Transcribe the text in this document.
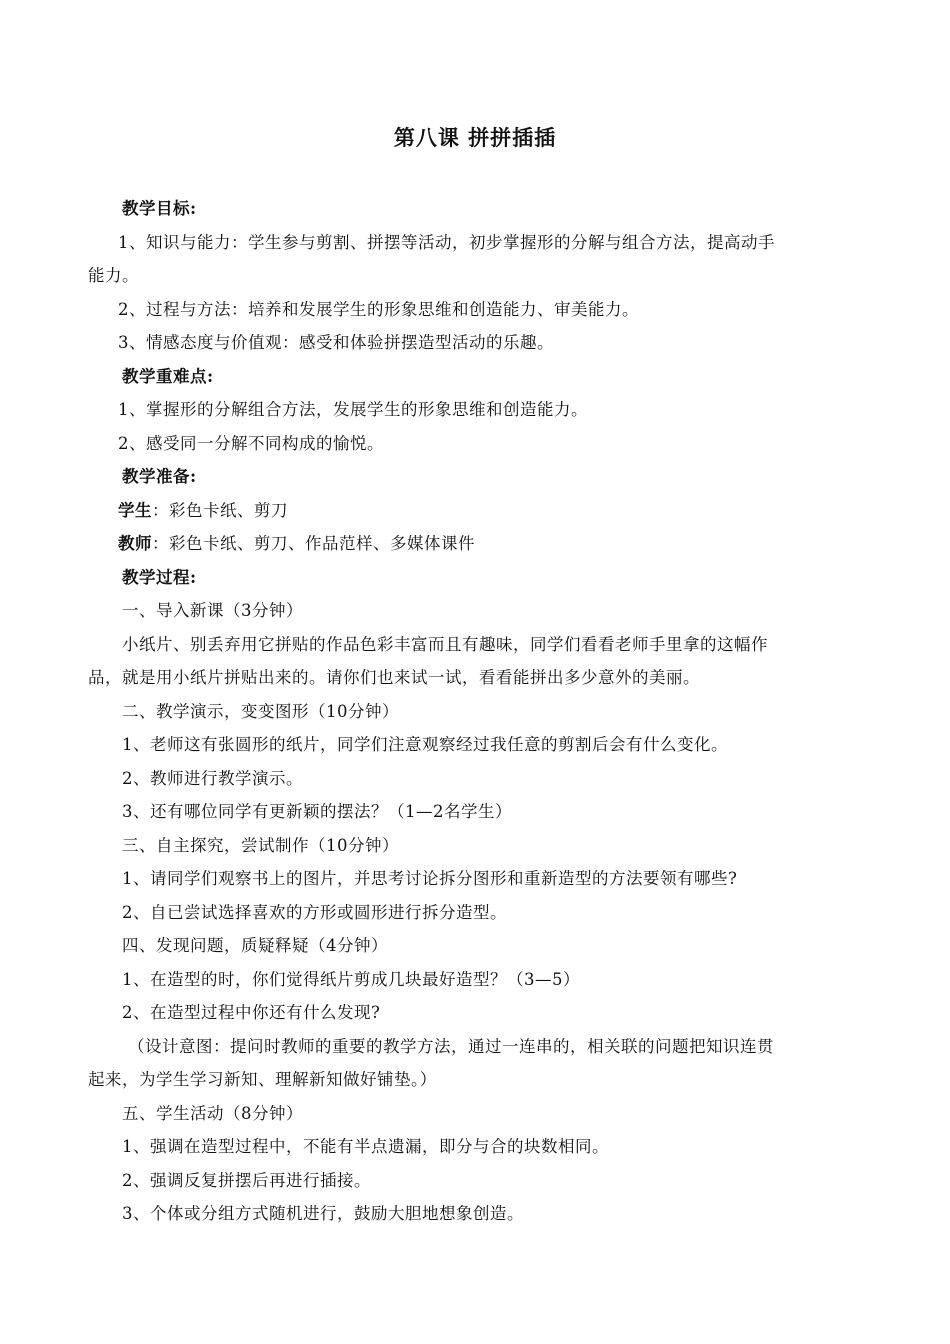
第八课 拼拼插插
教学目标:
1、知识与能力：学生参与剪割、拼摆等活动，初步掌握形的分解与组合方法，提高动手
能力。
2、过程与方法：培养和发展学生的形象思维和创造能力、审美能力。
3、情感态度与价值观：感受和体验拼摆造型活动的乐趣。
教学重难点:
1、掌握形的分解组合方法，发展学生的形象思维和创造能力。
2、感受同一分解不同构成的愉悦。
教学准备:
学生：彩色卡纸、剪刀
教师：彩色卡纸、剪刀、作品范样、多媒体课件
教学过程:
一、导入新课（3分钟）
小纸片、别丢弃用它拼贴的作品色彩丰富而且有趣味，同学们看看老师手里拿的这幅作
品，就是用小纸片拼贴出来的。请你们也来试一试，看看能拼出多少意外的美丽。
二、教学演示，变变图形（10分钟）
1、老师这有张圆形的纸片，同学们注意观察经过我任意的剪割后会有什么变化。
2、教师进行教学演示。
3、还有哪位同学有更新颖的摆法？（1—2名学生）
三、自主探究，尝试制作（10分钟）
1、请同学们观察书上的图片，并思考讨论拆分图形和重新造型的方法要领有哪些?
2、自已尝试选择喜欢的方形或圆形进行拆分造型。
四、发现问题，质疑释疑（4分钟）
1、在造型的时，你们觉得纸片剪成几块最好造型？（3—5）
2、在造型过程中你还有什么发现?
（设计意图：提问时教师的重要的教学方法，通过一连串的，相关联的问题把知识连贯
起来，为学生学习新知、理解新知做好铺垫。）
五、学生活动（8分钟）
1、强调在造型过程中，不能有半点遗漏，即分与合的块数相同。
2、强调反复拼摆后再进行插接。
3、个体或分组方式随机进行，鼓励大胆地想象创造。
